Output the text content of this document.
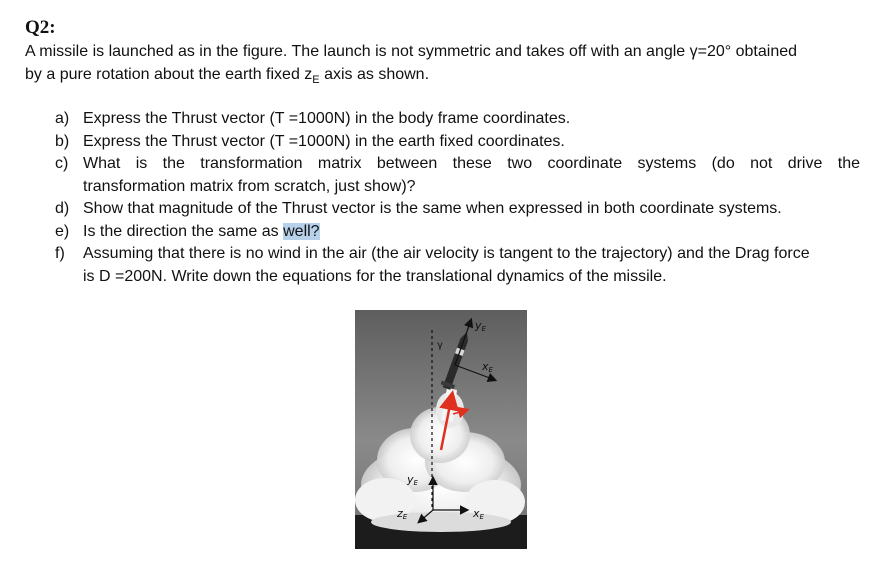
Q2:
A missile is launched as in the figure. The launch is not symmetric and takes off with an angle γ=20° obtained
by a pure rotation about the earth fixed $z_E$ axis as shown.
a) Express the Thrust vector (T =1000N) in the body frame coordinates.
b) Express the Thrust vector (T =1000N) in the earth fixed coordinates.
c) What is the transformation matrix between these two coordinate systems (do not drive the
transformation matrix from scratch, just show)?
d) Show that magnitude of the Thrust vector is the same when expressed in both coordinate systems.
e) Is the direction the same as well?
f)	Assuming that there is no wind in the air (the air velocity is tangent to the trajectory) and the Drag force
is D =200N. Write down the equations for the translational dynamics of the missile.
γ
yE
xE
yE
zE	xE
